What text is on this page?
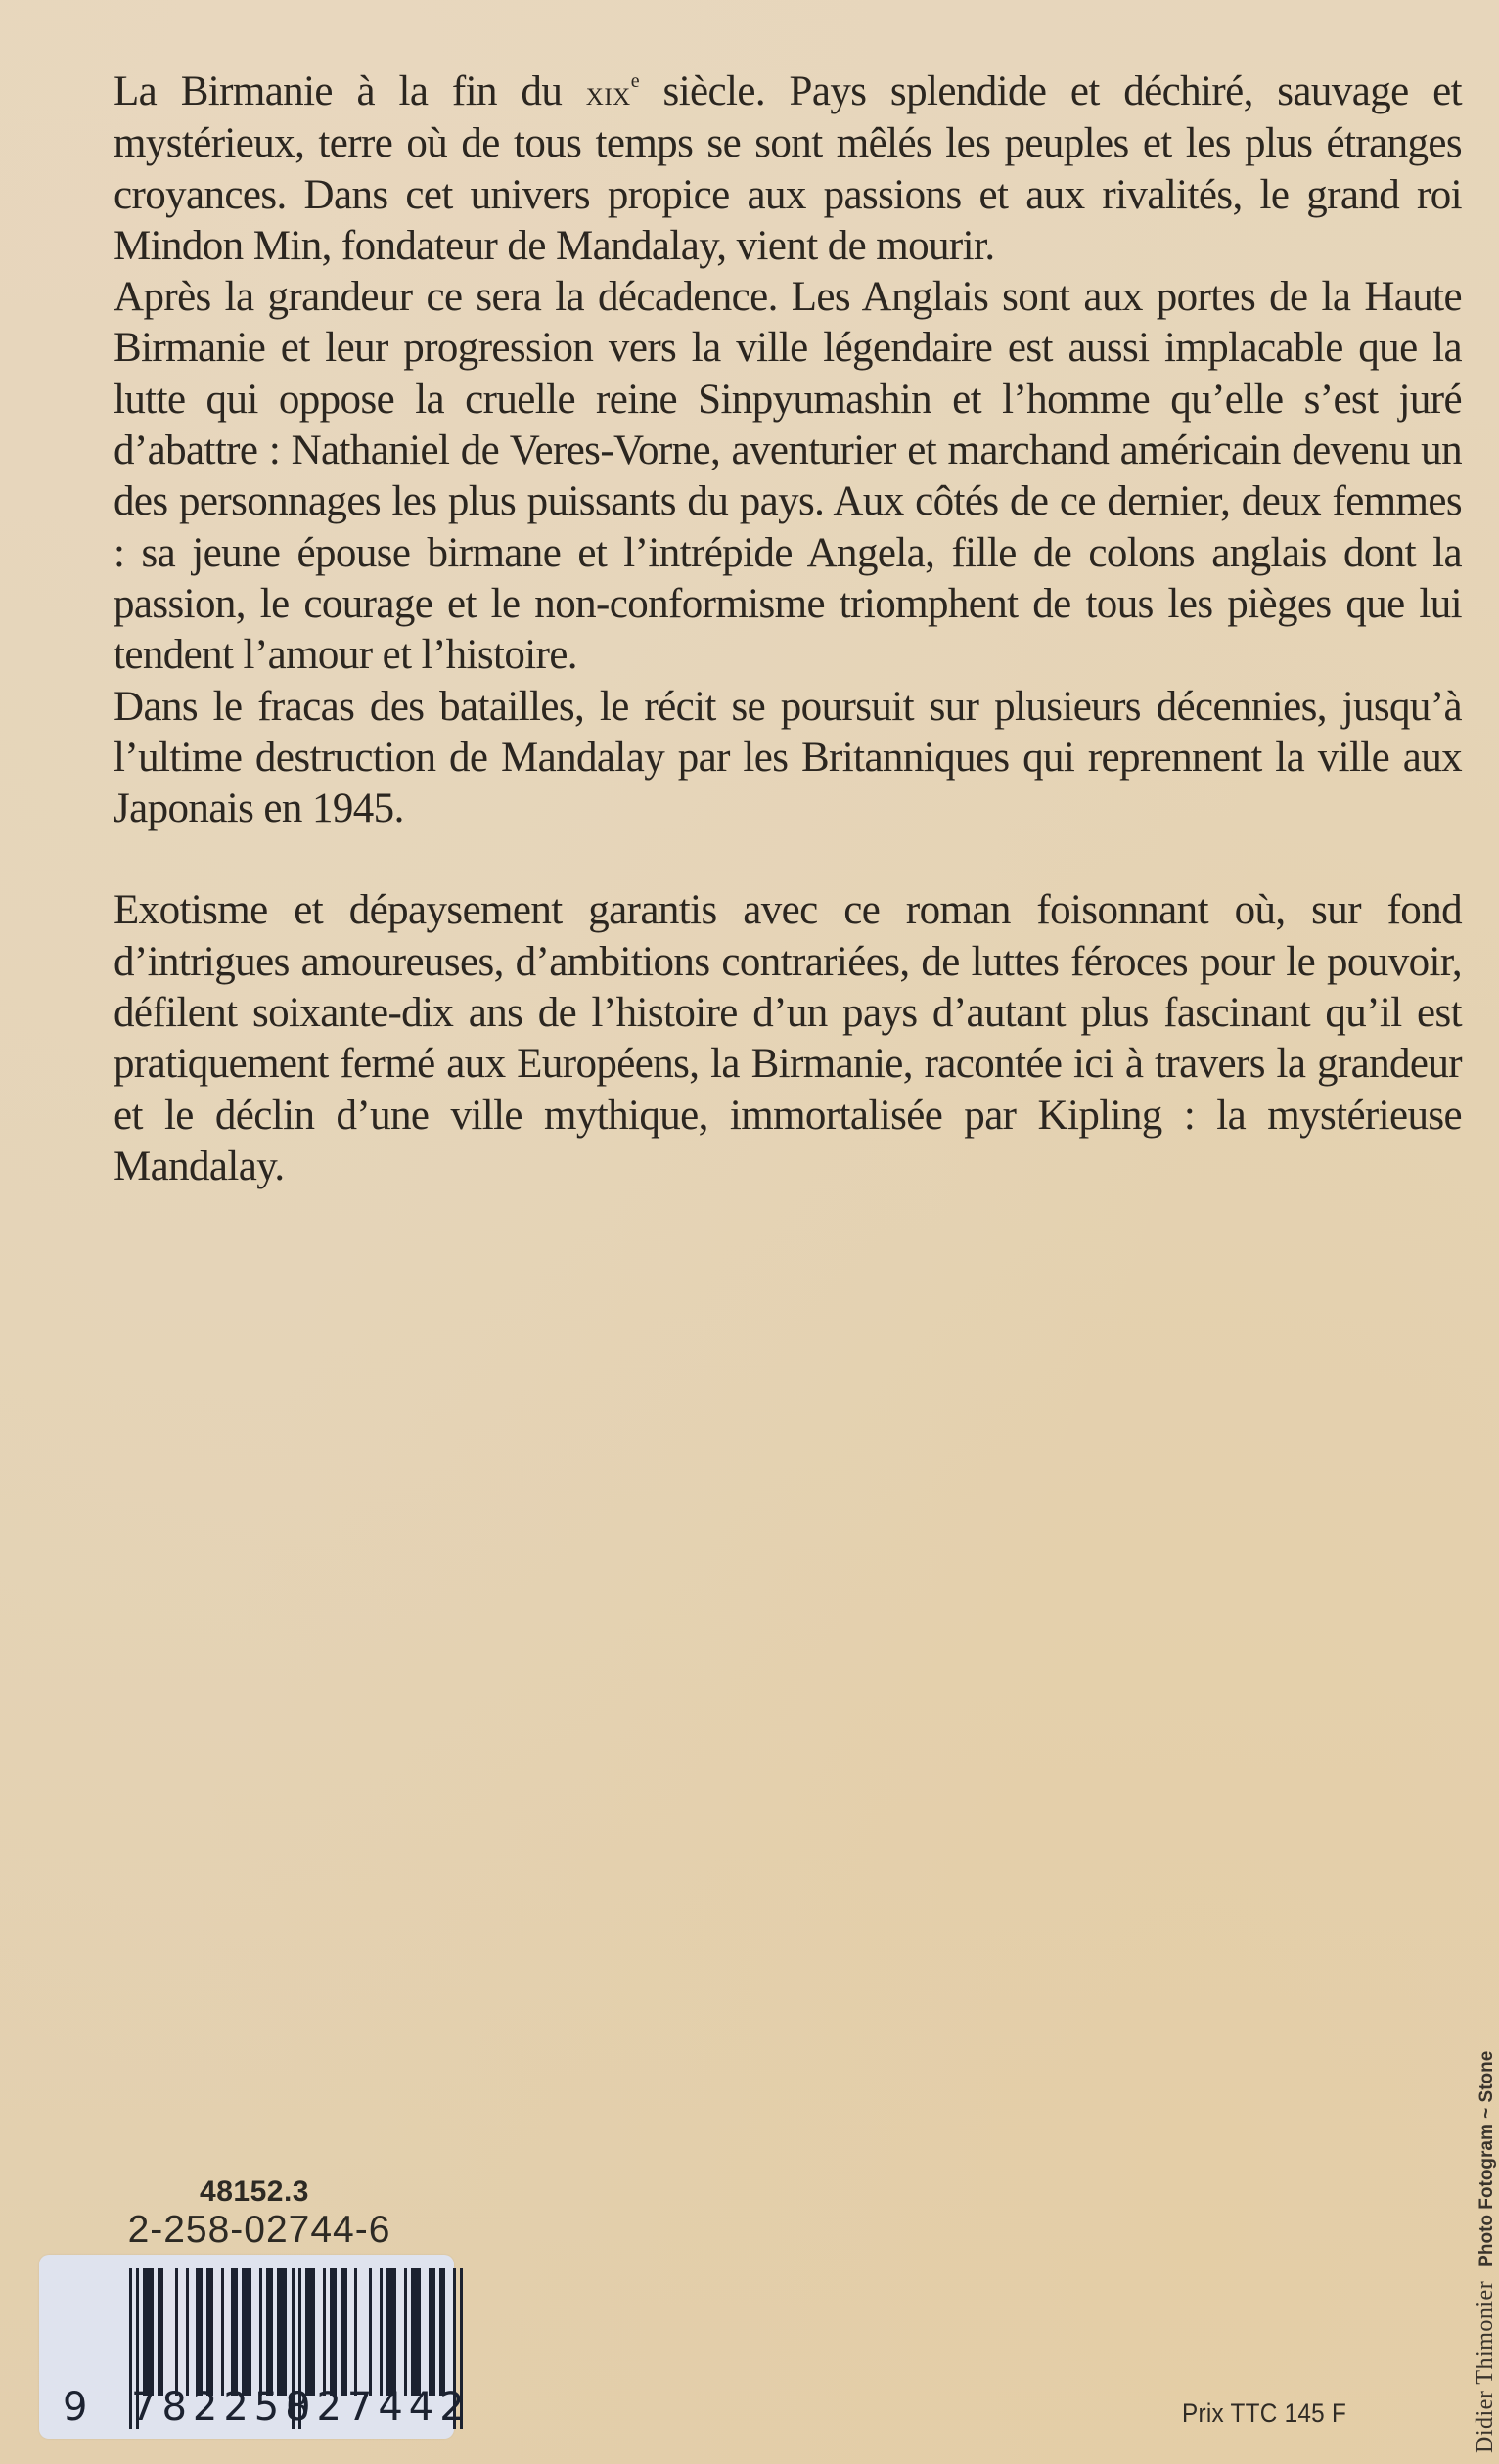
La Birmanie à la fin du xix$^e$ siècle. Pays splendide et déchiré, sauvage et mystérieux, terre où de tous temps se sont mêlés les peuples et les plus étranges croyances. Dans cet univers propice aux passions et aux rivalités, le grand roi Mindon Min, fondateur de Mandalay, vient de mourir.

Après la grandeur ce sera la décadence. Les Anglais sont aux portes de la Haute Birmanie et leur progression vers la ville légendaire est aussi implacable que la lutte qui oppose la cruelle reine Sinpyumashin et l’homme qu’elle s’est juré d’abattre : Nathaniel de Veres-Vorne, aventurier et marchand américain devenu un des personnages les plus puissants du pays. Aux côtés de ce dernier, deux femmes : sa jeune épouse birmane et l’intrépide Angela, fille de colons anglais dont la passion, le courage et le non-conformisme triomphent de tous les pièges que lui tendent l’amour et l’histoire.

Dans le fracas des batailles, le récit se poursuit sur plusieurs décennies, jusqu’à l’ultime destruction de Mandalay par les Britanniques qui reprennent la ville aux Japonais en 1945.

Exotisme et dépaysement garantis avec ce roman foisonnant où, sur fond d’intrigues amoureuses, d’ambitions contrariées, de luttes féroces pour le pouvoir, défilent soixante-dix ans de l’histoire d’un pays d’autant plus fascinant qu’il est pratiquement fermé aux Européens, la Birmanie, racontée ici à travers la grandeur et le déclin d’une ville mythique, immortalisée par Kipling : la mystérieuse Mandalay.

48152.3
2-258-02744-6
9 782258
027442	Didier ThimonierPhoto Fotogram ~ Stone
Prix TTC 145 F
